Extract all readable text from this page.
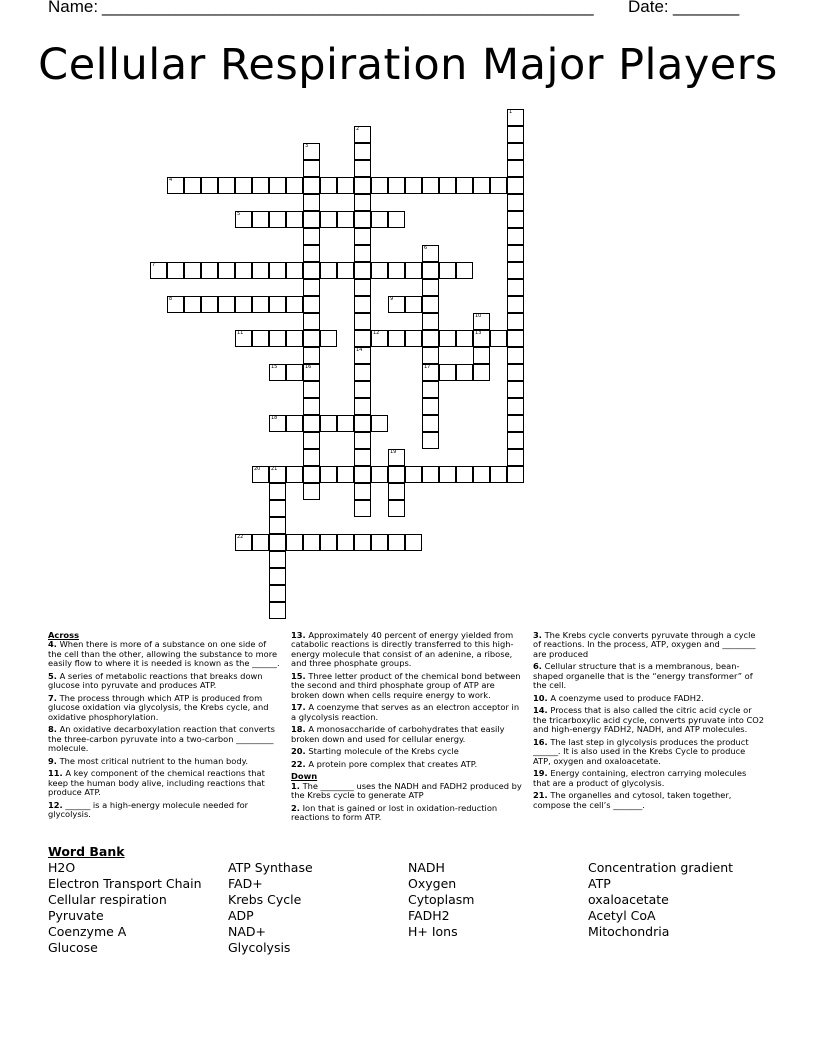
Name: ____________________________________________________ Date: _______
Cellular Respiration Major Players
1
2
14
3
16
4
5
6
17
7
8	9
10
13
11	12
15
18
19
20 21
22
Across
4. When there is more of a substance on one side of the cell than the other, allowing the substance to more easily flow to where it is needed is known as the ______.
5. A series of metabolic reactions that breaks down glucose into pyruvate and produces ATP.
7. The process through which ATP is produced from glucose oxidation via glycolysis, the Krebs cycle, and oxidative phosphorylation.
8. An oxidative decarboxylation reaction that converts the three-carbon pyruvate into a two-carbon _________ molecule.
9. The most critical nutrient to the human body.
11. A key component of the chemical reactions that keep the human body alive, including reactions that produce ATP.
12. ______ is a high-energy molecule needed for glycolysis.
13. Approximately 40 percent of energy yielded from catabolic reactions is directly transferred to this high-energy molecule that consist of an adenine, a ribose, and three phosphate groups.
15. Three letter product of the chemical bond between the second and third phosphate group of ATP are broken down when cells require energy to work.
17. A coenzyme that serves as an electron acceptor in a glycolysis reaction.
18. A monosaccharide of carbohydrates that easily broken down and used for cellular energy.
20. Starting molecule of the Krebs cycle
22. A protein pore complex that creates ATP.
Down
1. The ________ uses the NADH and FADH2 produced by the Krebs cycle to generate ATP
2. Ion that is gained or lost in oxidation-reduction reactions to form ATP.
3. The Krebs cycle converts pyruvate through a cycle of reactions. In the process, ATP, oxygen and ________ are produced
6. Cellular structure that is a membranous, bean-shaped organelle that is the “energy transformer” of the cell.
10. A coenzyme used to produce FADH2.
14. Process that is also called the citric acid cycle or the tricarboxylic acid cycle, converts pyruvate into CO2 and high-energy FADH2, NADH, and ATP molecules.
16. The last step in glycolysis produces the product ______. It is also used in the Krebs Cycle to produce ATP, oxygen and oxaloacetate.
19. Energy containing, electron carrying molecules that are a product of glycolysis.
21. The organelles and cytosol, taken together, compose the cell’s _______.
Word Bank
H2O
Electron Transport Chain
Cellular respiration
Pyruvate
Coenzyme A
Glucose
ATP Synthase
FAD+
Krebs Cycle
ADP
NAD+
Glycolysis
NADH
Oxygen
Cytoplasm
FADH2
H+ Ions
Concentration gradient
ATP
oxaloacetate
Acetyl CoA
Mitochondria
